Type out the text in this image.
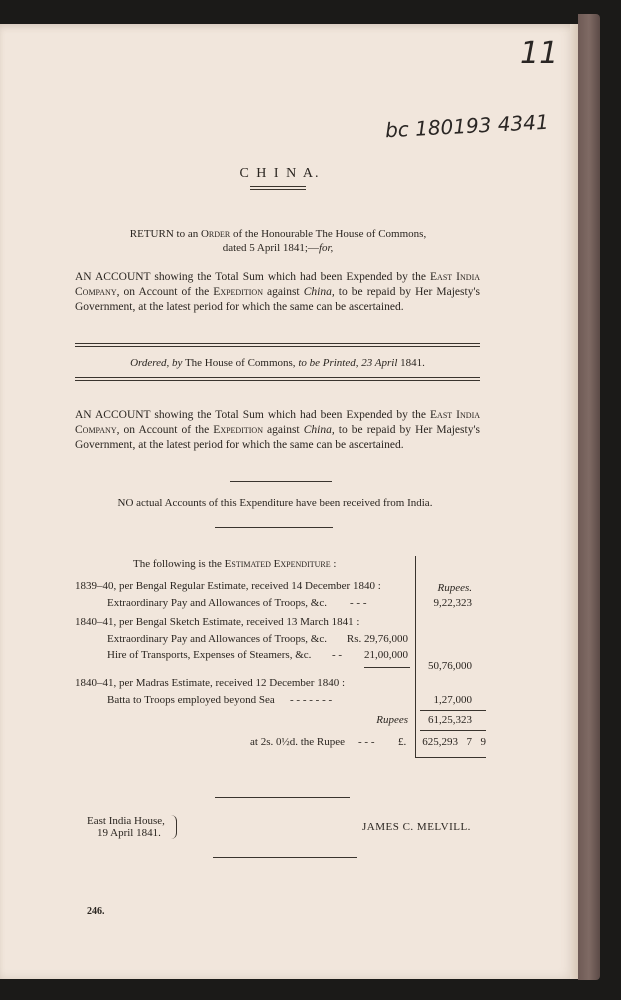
11
bc 180193 4341
C H I N A.
RETURN to an Order of the Honourable The House of Commons,
dated 5 April 1841;—for,

AN ACCOUNT showing the Total Sum which had been Expended by the East India Company, on Account of the Expedition against China, to be repaid by Her Majesty's Government, at the latest period for which the same can be ascertained.

Ordered, by The House of Commons, to be Printed, 23 April 1841.

AN ACCOUNT showing the Total Sum which had been Expended by the East India Company, on Account of the Expedition against China, to be repaid by Her Majesty's Government, at the latest period for which the same can be ascertained.

NO actual Accounts of this Expenditure have been received from India.
The following is the Estimated Expenditure :
Rupees.
1839–40, per Bengal Regular Estimate, received 14 December 1840 :
Extraordinary Pay and Allowances of Troops, &c. - - -	9,22,323
1840–41, per Bengal Sketch Estimate, received 13 March 1841 :
Extraordinary Pay and Allowances of Troops, &c.	Rs. 29,76,000
Hire of Transports, Expenses of Steamers, &c. - -	21,00,000
50,76,000
1840–41, per Madras Estimate, received 12 December 1840 :
Batta to Troops employed beyond Sea - - - - - - -	1,27,000
Rupees	61,25,323
at 2s. 0½d. the Rupee - - - £.	625,293 7 9
East India House,
19 April 1841.	JAMES C. MELVILL.
246.
